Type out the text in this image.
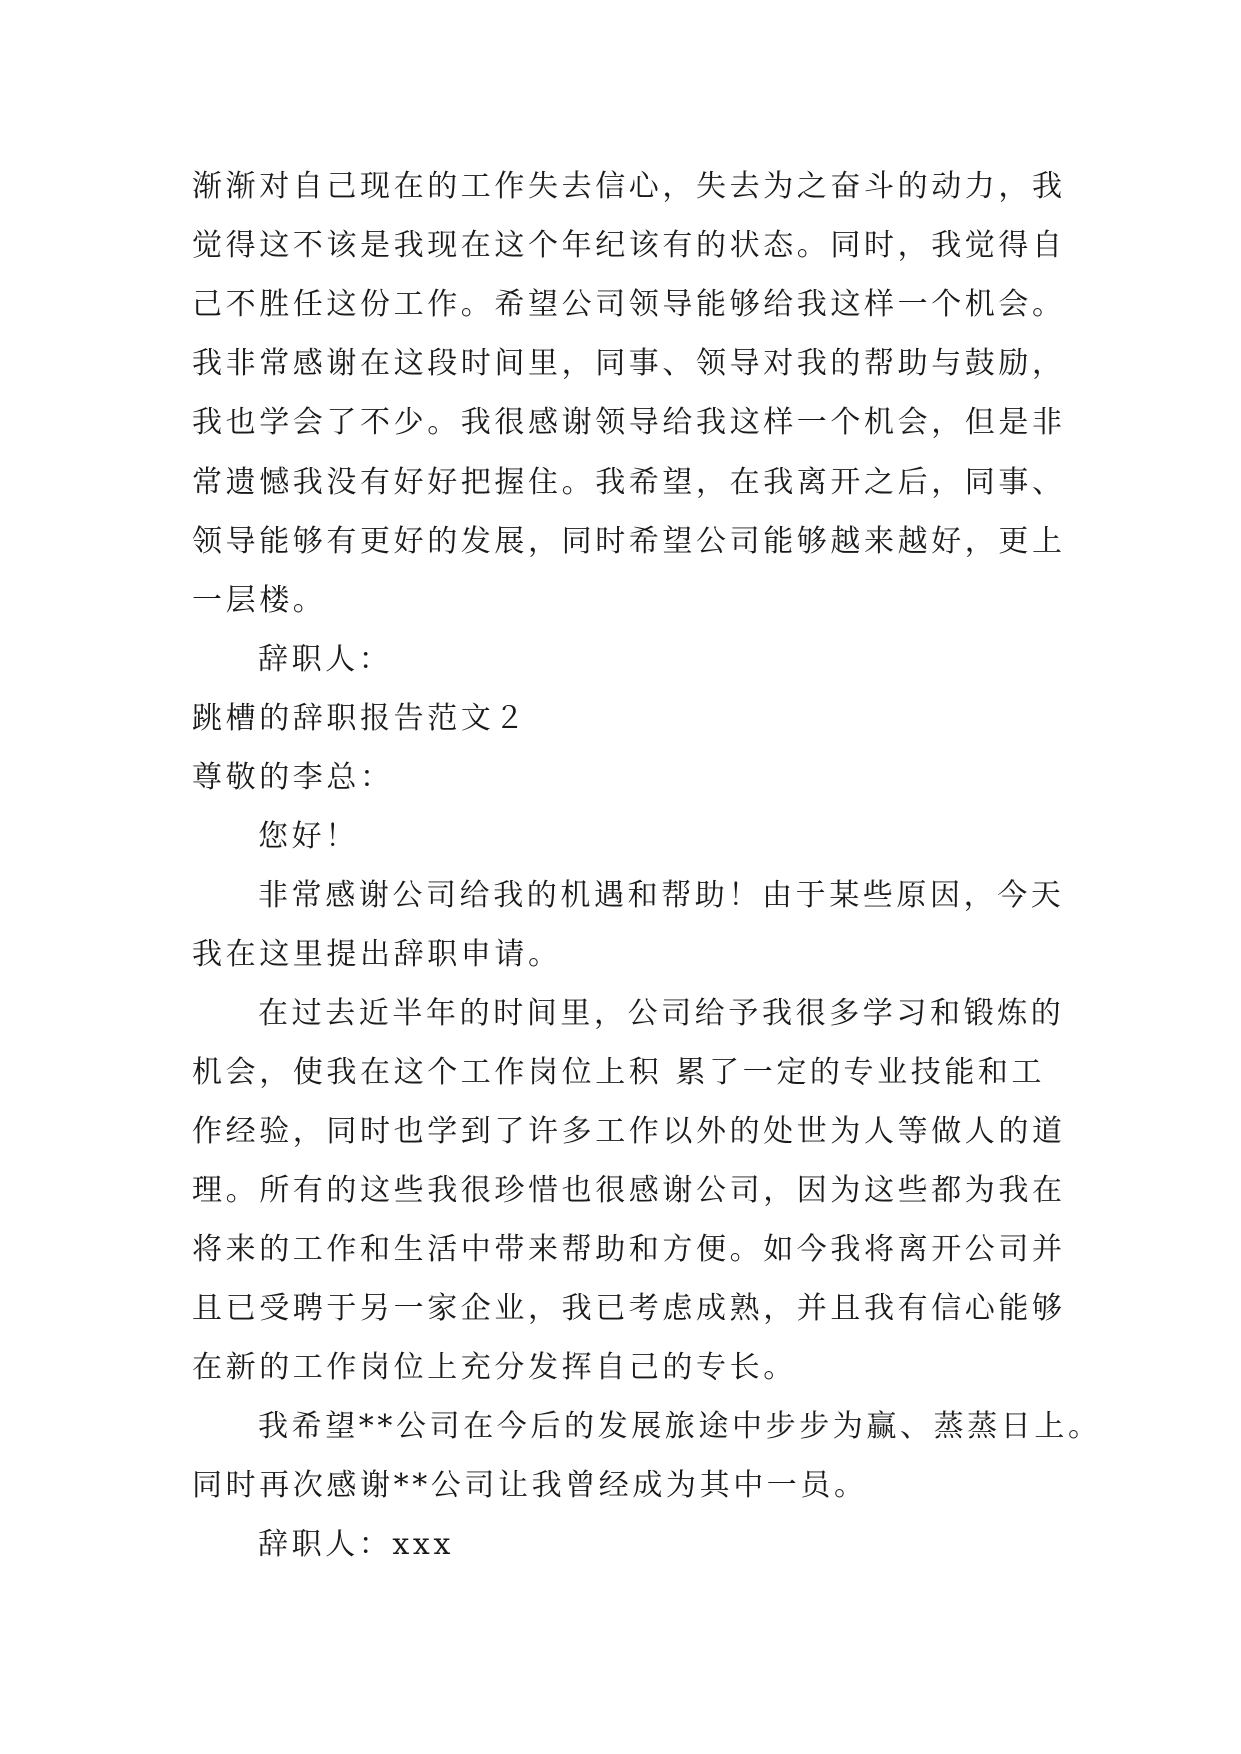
渐渐对自己现在的工作失去信心，失去为之奋斗的动力，我
觉得这不该是我现在这个年纪该有的状态。同时，我觉得自
己不胜任这份工作。希望公司领导能够给我这样一个机会。
我非常感谢在这段时间里，同事、领导对我的帮助与鼓励，
我也学会了不少。我很感谢领导给我这样一个机会，但是非
常遗憾我没有好好把握住。我希望，在我离开之后，同事、
领导能够有更好的发展，同时希望公司能够越来越好，更上
一层楼。
辞职人：
跳槽的辞职报告范文２
尊敬的李总：
您好！
非常感谢公司给我的机遇和帮助！由于某些原因，今天
我在这里提出辞职申请。
在过去近半年的时间里，公司给予我很多学习和锻炼的
机会，使我在这个工作岗位上积 累了一定的专业技能和工
作经验，同时也学到了许多工作以外的处世为人等做人的道
理。所有的这些我很珍惜也很感谢公司，因为这些都为我在
将来的工作和生活中带来帮助和方便。如今我将离开公司并
且已受聘于另一家企业，我已考虑成熟，并且我有信心能够
在新的工作岗位上充分发挥自己的专长。
我希望**公司在今后的发展旅途中步步为赢、蒸蒸日上。
同时再次感谢**公司让我曾经成为其中一员。
辞职人：xxx
